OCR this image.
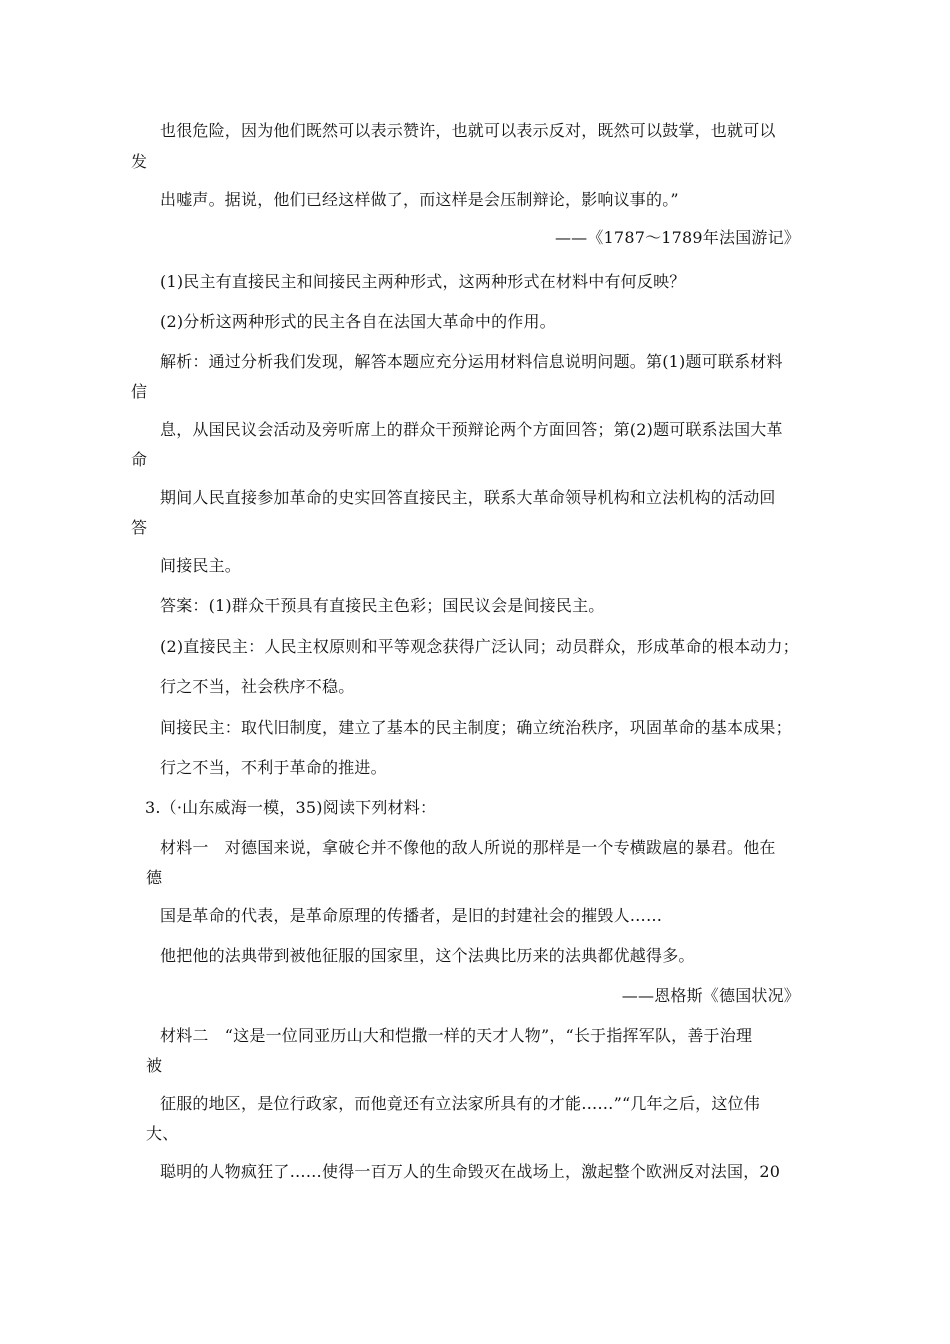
也很危险，因为他们既然可以表示赞许，也就可以表示反对，既然可以鼓掌，也就可以
发
出嘘声。据说，他们已经这样做了，而这样是会压制辩论，影响议事的。”
——《1787～1789年法国游记》
(1)民主有直接民主和间接民主两种形式，这两种形式在材料中有何反映？
(2)分析这两种形式的民主各自在法国大革命中的作用。
解析：通过分析我们发现，解答本题应充分运用材料信息说明问题。第(1)题可联系材料
信
息，从国民议会活动及旁听席上的群众干预辩论两个方面回答；第(2)题可联系法国大革
命
期间人民直接参加革命的史实回答直接民主，联系大革命领导机构和立法机构的活动回
答
间接民主。
答案：(1)群众干预具有直接民主色彩；国民议会是间接民主。
(2)直接民主：人民主权原则和平等观念获得广泛认同；动员群众，形成革命的根本动力；
行之不当，社会秩序不稳。
间接民主：取代旧制度，建立了基本的民主制度；确立统治秩序，巩固革命的基本成果；
行之不当，不利于革命的推进。
3.（·山东威海一模，35)阅读下列材料：
材料一　对德国来说，拿破仑并不像他的敌人所说的那样是一个专横跋扈的暴君。他在
德
国是革命的代表，是革命原理的传播者，是旧的封建社会的摧毁人……
他把他的法典带到被他征服的国家里，这个法典比历来的法典都优越得多。
——恩格斯《德国状况》
材料二　“这是一位同亚历山大和恺撒一样的天才人物”，“长于指挥军队，善于治理
被
征服的地区，是位行政家，而他竟还有立法家所具有的才能……”“几年之后，这位伟
大、
聪明的人物疯狂了……使得一百万人的生命毁灭在战场上，激起整个欧洲反对法国，20
